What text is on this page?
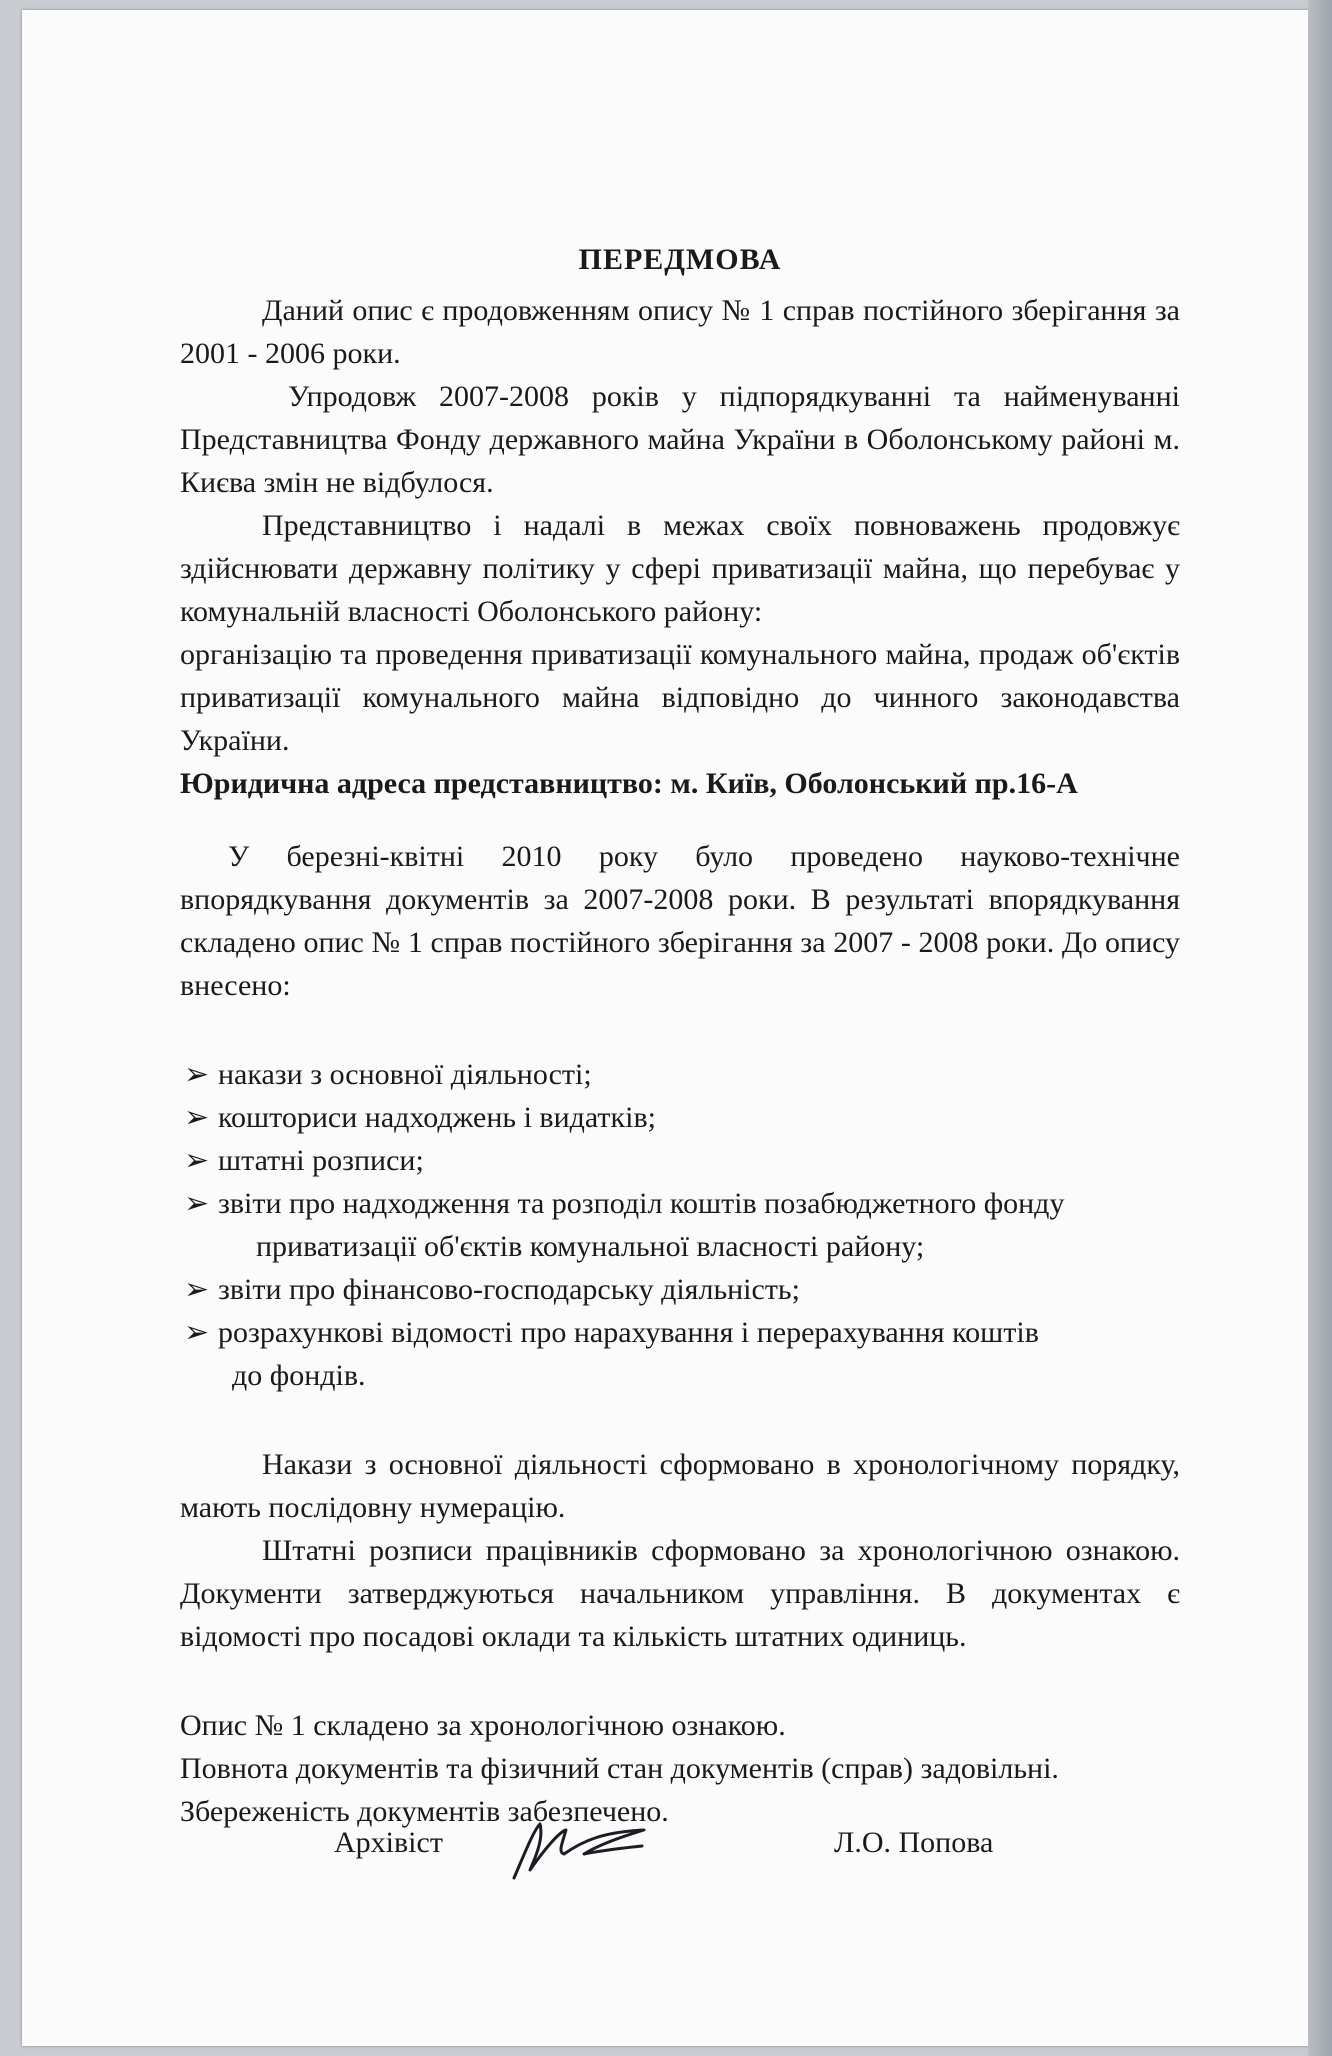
ПЕРЕДМОВА

Даний опис є продовженням опису № 1 справ постійного зберігання за 2001 - 2006 роки.

Упродовж 2007-2008 років у підпорядкуванні та найменуванні Представництва Фонду державного майна України в Оболонському районі м. Києва змін не відбулося.

Представництво і надалі в межах своїх повноважень продовжує здійснювати державну політику у сфері приватизації майна, що перебуває у комунальній власності Оболонського району:

організацію та проведення приватизації комунального майна, продаж об'єктів приватизації комунального майна відповідно до чинного законодавства України.

Юридична адреса представництво: м. Київ, Оболонський пр.16-А

У березні-квітні 2010 року було проведено науково-технічне впорядкування документів за 2007-2008 роки. В результаті впорядкування складено опис № 1 справ постійного зберігання за 2007 - 2008 роки. До опису внесено:

➢ накази з основної діяльності;
➢ кошториси надходжень і видатків;
➢ штатні розписи;
➢ звіти про надходження та розподіл коштів позабюджетного фонду
приватизації об'єктів комунальної власності району;
➢ звіти про фінансово-господарську діяльність;
➢ розрахункові відомості про нарахування і перерахування коштів
до фондів.

Накази з основної діяльності сформовано в хронологічному порядку, мають послідовну нумерацію.

Штатні розписи працівників сформовано за хронологічною ознакою. Документи затверджуються начальником управління. В документах є відомості про посадові оклади та кількість штатних одиниць.

Опис № 1 складено за хронологічною ознакою.

Повнота документів та фізичний стан документів (справ) задовільні.

Збереженість документів забезпечено.

Архівіст	Л.О. Попова
